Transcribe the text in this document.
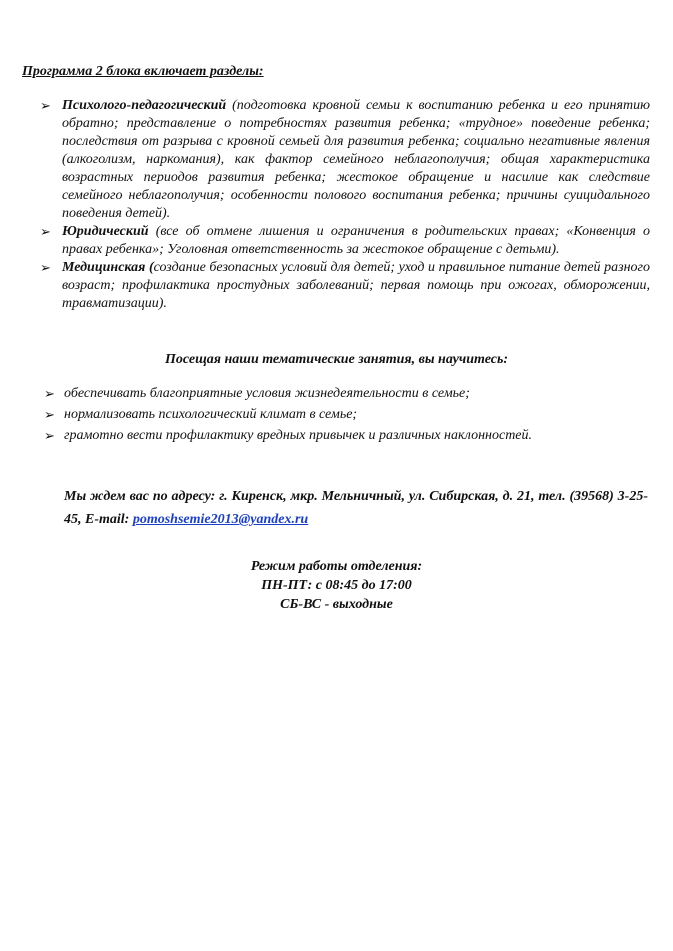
Программа 2 блока включает разделы:
➢ Психолого-педагогический (подготовка кровной семьи к воспитанию ребенка и его принятию обратно; представление о потребностях развития ребенка; «трудное» поведение ребенка; последствия от разрыва с кровной семьей для развития ребенка; социально негативные явления (алкоголизм, наркомания), как фактор семейного неблагополучия; общая характеристика возрастных периодов развития ребенка; жестокое обращение и насилие как следствие семейного неблагополучия; особенности полового воспитания ребенка; причины суицидального поведения детей).
➢ Юридический (все об отмене лишения и ограничения в родительских правах; «Конвенция о правах ребенка»; Уголовная ответственность за жестокое обращение с детьми).
➢ Медицинская (создание безопасных условий для детей; уход и правильное питание детей разного возраст; профилактика простудных заболеваний; первая помощь при ожогах, обморожении, травматизации).
Посещая наши тематические занятия, вы научитесь:
➢ обеспечивать благоприятные условия жизнедеятельности в семье;
➢ нормализовать психологический климат в семье;
➢ грамотно вести профилактику вредных привычек и различных наклонностей.
Мы ждем вас по адресу: г. Киренск, мкр. Мельничный, ул. Сибирская, д. 21, тел. (39568) 3-25-45, E-mail: pomoshsemie2013@yandex.ru
Режим работы отделения:
ПН-ПТ: с 08:45 до 17:00
СБ-ВС - выходные
